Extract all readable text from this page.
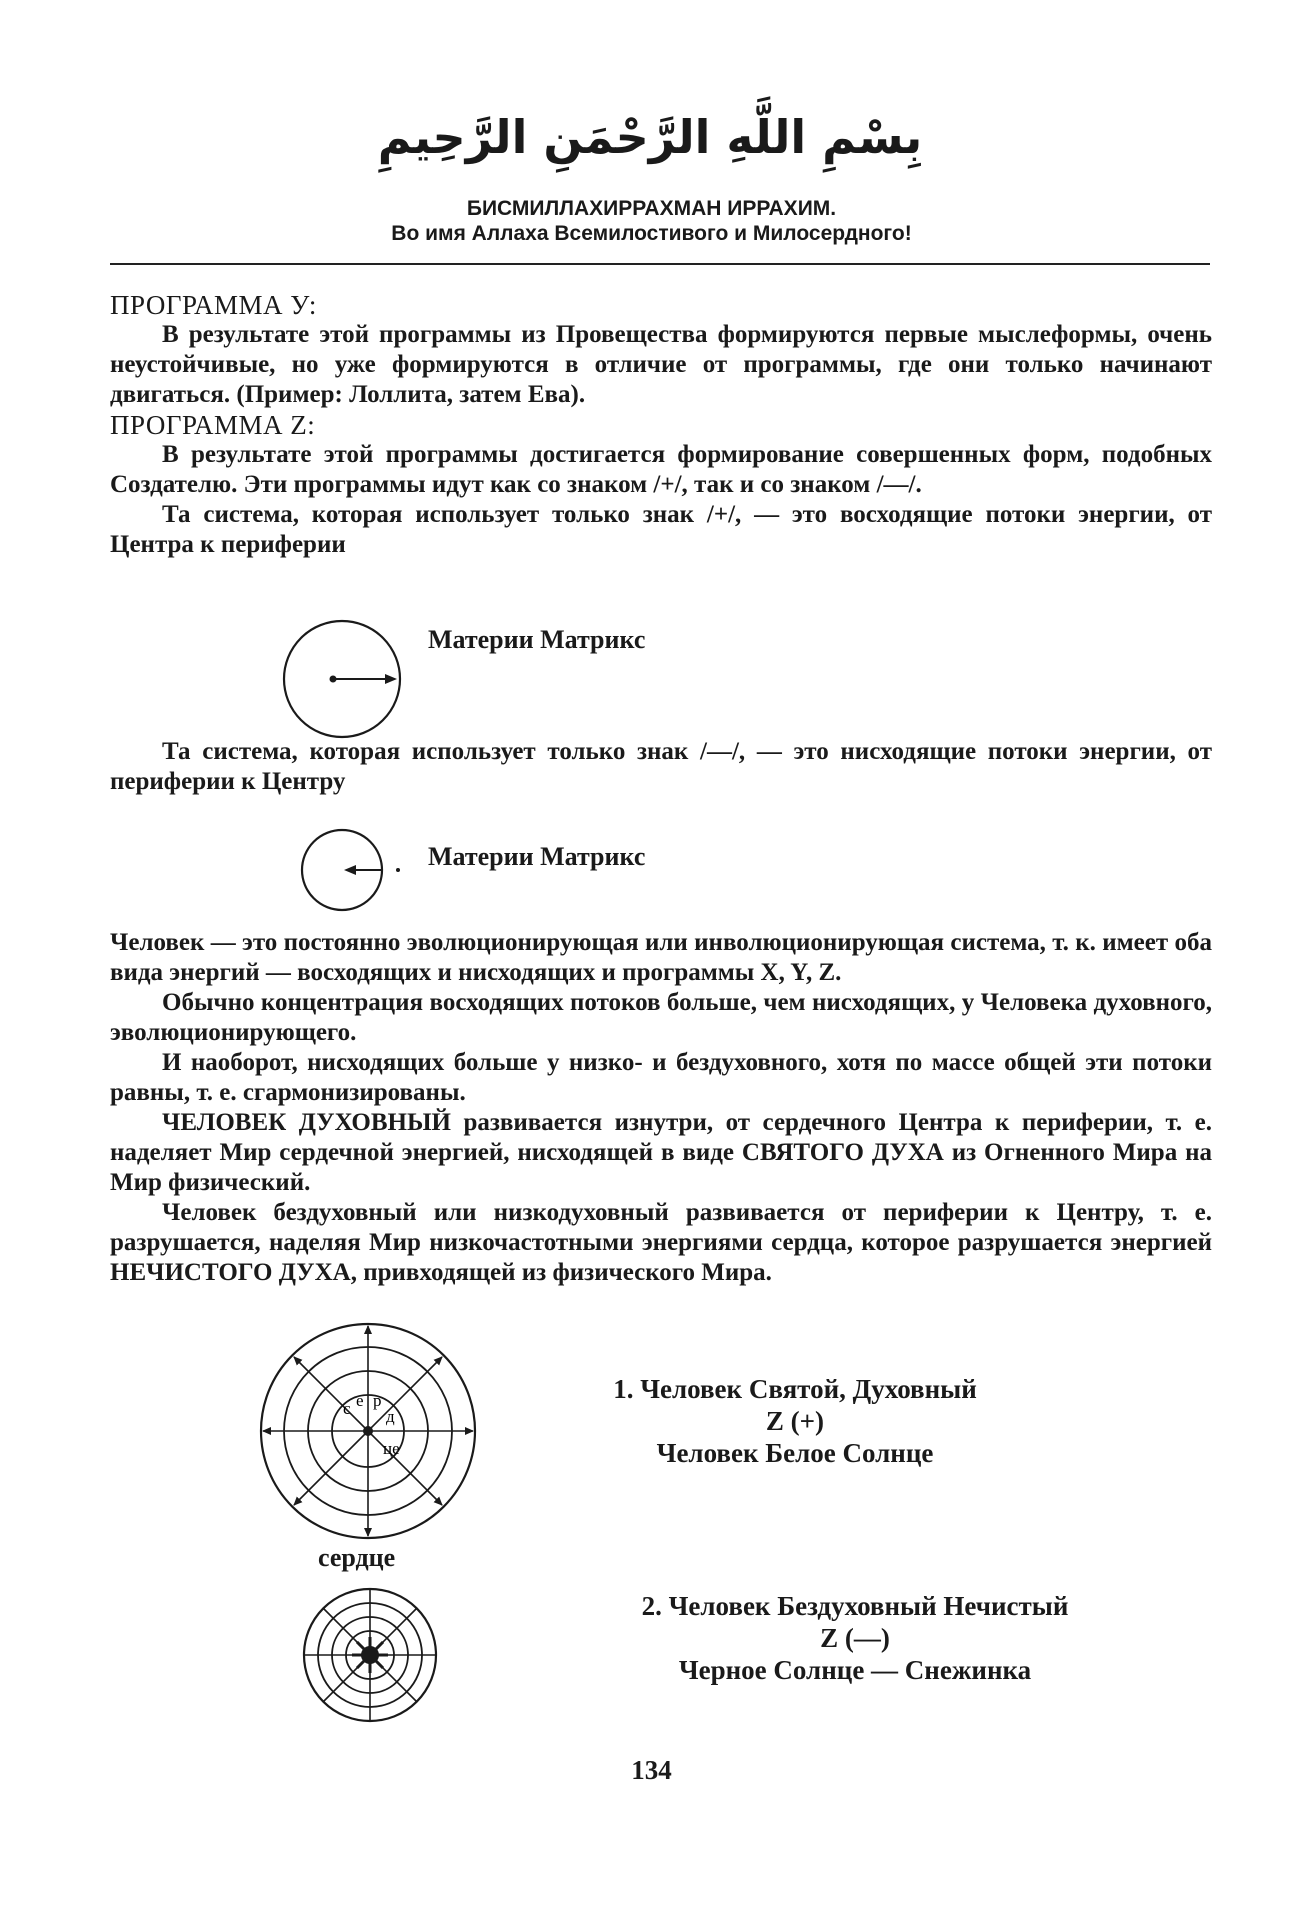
بِسْمِ اللَّهِ الرَّحْمَنِ الرَّحِيمِ
БИСМИЛЛАХИРРАХМАН ИРРАХИМ.
Во имя Аллаха Всемилостивого и Милосердного!
ПРОГРАММА У:

В результате этой программы из Провещества формируются первые мыслеформы, очень неустойчивые, но уже формируются в отличие от программы, где они только начинают двигаться. (Пример: Лоллита, затем Ева).

ПРОГРАММА Z:

В результате этой программы достигается формирование совершенных форм, подобных Создателю. Эти программы идут как со знаком /+/, так и со знаком /—/.

Та система, которая использует только знак /+/, — это восходящие потоки энергии, от Центра к периферии

Материи Матрикс

Та система, которая использует только знак /—/, — это нисходящие потоки энергии, от периферии к Центру

Материи Матрикс

Человек — это постоянно эволюционирующая или инволюционирующая система, т. к. имеет оба вида энергий — восходящих и нисходящих и программы X, Y, Z.

Обычно концентрация восходящих потоков больше, чем нисходящих, у Человека духовного, эволюционирующего.

И наоборот, нисходящих больше у низко- и бездуховного, хотя по массе общей эти потоки равны, т. е. сгармонизированы.

ЧЕЛОВЕК ДУХОВНЫЙ развивается изнутри, от сердечного Центра к периферии, т. е. наделяет Мир сердечной энергией, нисходящей в виде СВЯТОГО ДУХА из Огненного Мира на Мир физический.

Человек бездуховный или низкодуховный развивается от периферии к Центру, т. е. разрушается, наделяя Мир низкочастотными энергиями сердца, которое разрушается энергией НЕЧИСТОГО ДУХА, привходящей из физического Мира.

с е р
д
це
сердце
1. Человек Святой, Духовный
Z (+)
Человек Белое Солнце
2. Человек Бездуховный Нечистый
Z (—)
Черное Солнце — Снежинка
134
